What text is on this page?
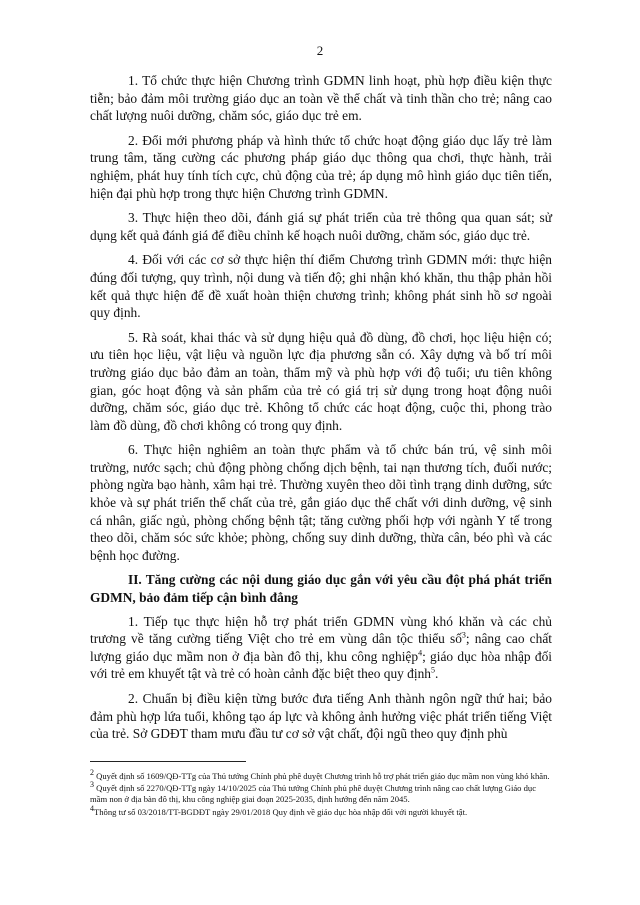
2

1. Tổ chức thực hiện Chương trình GDMN linh hoạt, phù hợp điều kiện thực tiễn; bảo đảm môi trường giáo dục an toàn về thể chất và tinh thần cho trẻ; nâng cao chất lượng nuôi dưỡng, chăm sóc, giáo dục trẻ em.

2. Đổi mới phương pháp và hình thức tổ chức hoạt động giáo dục lấy trẻ làm trung tâm, tăng cường các phương pháp giáo dục thông qua chơi, thực hành, trải nghiệm, phát huy tính tích cực, chủ động của trẻ; áp dụng mô hình giáo dục tiên tiến, hiện đại phù hợp trong thực hiện Chương trình GDMN.

3. Thực hiện theo dõi, đánh giá sự phát triển của trẻ thông qua quan sát; sử dụng kết quả đánh giá để điều chỉnh kế hoạch nuôi dưỡng, chăm sóc, giáo dục trẻ.

4. Đối với các cơ sở thực hiện thí điểm Chương trình GDMN mới: thực hiện đúng đối tượng, quy trình, nội dung và tiến độ; ghi nhận khó khăn, thu thập phản hồi kết quả thực hiện để đề xuất hoàn thiện chương trình; không phát sinh hồ sơ ngoài quy định.

5. Rà soát, khai thác và sử dụng hiệu quả đồ dùng, đồ chơi, học liệu hiện có; ưu tiên học liệu, vật liệu và nguồn lực địa phương sẵn có. Xây dựng và bố trí môi trường giáo dục bảo đảm an toàn, thẩm mỹ và phù hợp với độ tuổi; ưu tiên không gian, góc hoạt động và sản phẩm của trẻ có giá trị sử dụng trong hoạt động nuôi dưỡng, chăm sóc, giáo dục trẻ. Không tổ chức các hoạt động, cuộc thi, phong trào làm đồ dùng, đồ chơi không có trong quy định.

6. Thực hiện nghiêm an toàn thực phẩm và tổ chức bán trú, vệ sinh môi trường, nước sạch; chủ động phòng chống dịch bệnh, tai nạn thương tích, đuối nước; phòng ngừa bạo hành, xâm hại trẻ. Thường xuyên theo dõi tình trạng dinh dưỡng, sức khỏe và sự phát triển thể chất của trẻ, gắn giáo dục thể chất với dinh dưỡng, vệ sinh cá nhân, giấc ngủ, phòng chống bệnh tật; tăng cường phối hợp với ngành Y tế trong theo dõi, chăm sóc sức khỏe; phòng, chống suy dinh dưỡng, thừa cân, béo phì và các bệnh học đường.

II. Tăng cường các nội dung giáo dục gắn với yêu cầu đột phá phát triển GDMN, bảo đảm tiếp cận bình đẳng

1. Tiếp tục thực hiện hỗ trợ phát triển GDMN vùng khó khăn và các chủ trương về tăng cường tiếng Việt cho trẻ em vùng dân tộc thiểu số$^3$; nâng cao chất lượng giáo dục mầm non ở địa bàn đô thị, khu công nghiệp$^4$; giáo dục hòa nhập đối với trẻ em khuyết tật và trẻ có hoàn cảnh đặc biệt theo quy định$^5$.

2. Chuẩn bị điều kiện từng bước đưa tiếng Anh thành ngôn ngữ thứ hai; bảo đảm phù hợp lứa tuổi, không tạo áp lực và không ảnh hưởng việc phát triển tiếng Việt của trẻ. Sở GDĐT tham mưu đầu tư cơ sở vật chất, đội ngũ theo quy định phù

$^2$ Quyết định số 1609/QĐ-TTg của Thủ tướng Chính phủ phê duyệt Chương trình hỗ trợ phát triển giáo dục mầm non vùng khó khăn.

$^3$ Quyết định số 2270/QĐ-TTg ngày 14/10/2025 của Thủ tướng Chính phủ phê duyệt Chương trình nâng cao chất lượng Giáo dục mầm non ở địa bàn đô thị, khu công nghiệp giai đoạn 2025-2035, định hướng đến năm 2045.

$^4$Thông tư số 03/2018/TT-BGDĐT ngày 29/01/2018 Quy định về giáo dục hòa nhập đối với người khuyết tật.
